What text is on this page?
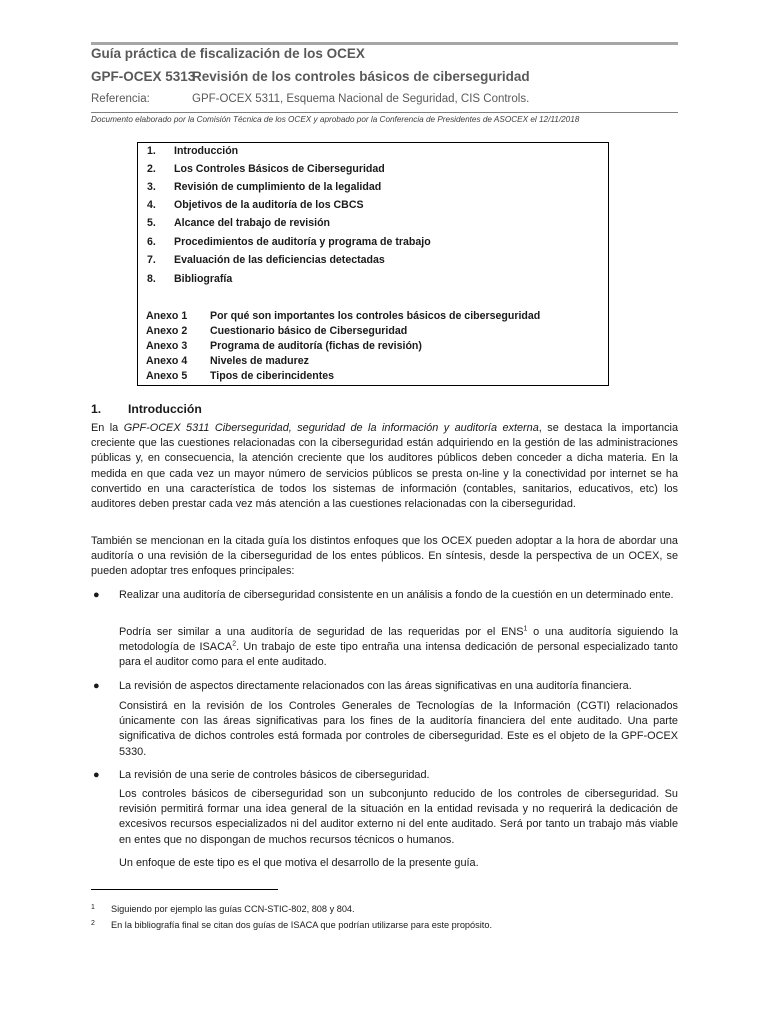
Guía práctica de fiscalización de los OCEX
GPF-OCEX 5313Revisión de los controles básicos de ciberseguridad
Referencia:	GPF-OCEX 5311, Esquema Nacional de Seguridad, CIS Controls.
Documento elaborado por la Comisión Técnica de los OCEX y aprobado por la Conferencia de Presidentes de ASOCEX el 12/11/2018
1. Introducción
2. Los Controles Básicos de Ciberseguridad
3. Revisión de cumplimiento de la legalidad
4. Objetivos de la auditoría de los CBCS
5. Alcance del trabajo de revisión
6. Procedimientos de auditoría y programa de trabajo
7. Evaluación de las deficiencias detectadas
8. Bibliografía
Anexo 1 Por qué son importantes los controles básicos de ciberseguridad
Anexo 2 Cuestionario básico de Ciberseguridad
Anexo 3 Programa de auditoría (fichas de revisión)
Anexo 4 Niveles de madurez
Anexo 5 Tipos de ciberincidentes
1. Introducción
En la GPF-OCEX 5311 Ciberseguridad, seguridad de la información y auditoría externa, se destaca la importancia creciente que las cuestiones relacionadas con la ciberseguridad están adquiriendo en la gestión de las administraciones públicas y, en consecuencia, la atención creciente que los auditores públicos deben conceder a dicha materia. En la medida en que cada vez un mayor número de servicios públicos se presta on-line y la conectividad por internet se ha convertido en una característica de todos los sistemas de información (contables, sanitarios, educativos, etc) los auditores deben prestar cada vez más atención a las cuestiones relacionadas con la ciberseguridad.
También se mencionan en la citada guía los distintos enfoques que los OCEX pueden adoptar a la hora de abordar una auditoría o una revisión de la ciberseguridad de los entes públicos. En síntesis, desde la perspectiva de un OCEX, se pueden adoptar tres enfoques principales:
● Realizar una auditoría de ciberseguridad consistente en un análisis a fondo de la cuestión en un determinado ente.
Podría ser similar a una auditoría de seguridad de las requeridas por el ENS$^1$ o una auditoría siguiendo la metodología de ISACA$^2$. Un trabajo de este tipo entraña una intensa dedicación de personal especializado tanto para el auditor como para el ente auditado.
● La revisión de aspectos directamente relacionados con las áreas significativas en una auditoría financiera.
Consistirá en la revisión de los Controles Generales de Tecnologías de la Información (CGTI) relacionados únicamente con las áreas significativas para los fines de la auditoría financiera del ente auditado. Una parte significativa de dichos controles está formada por controles de ciberseguridad. Este es el objeto de la GPF-OCEX 5330.
● La revisión de una serie de controles básicos de ciberseguridad.
Los controles básicos de ciberseguridad son un subconjunto reducido de los controles de ciberseguridad. Su revisión permitirá formar una idea general de la situación en la entidad revisada y no requerirá la dedicación de excesivos recursos especializados ni del auditor externo ni del ente auditado. Será por tanto un trabajo más viable en entes que no dispongan de muchos recursos técnicos o humanos.
Un enfoque de este tipo es el que motiva el desarrollo de la presente guía.
1 Siguiendo por ejemplo las guías CCN-STIC-802, 808 y 804.
2 En la bibliografía final se citan dos guías de ISACA que podrían utilizarse para este propósito.
